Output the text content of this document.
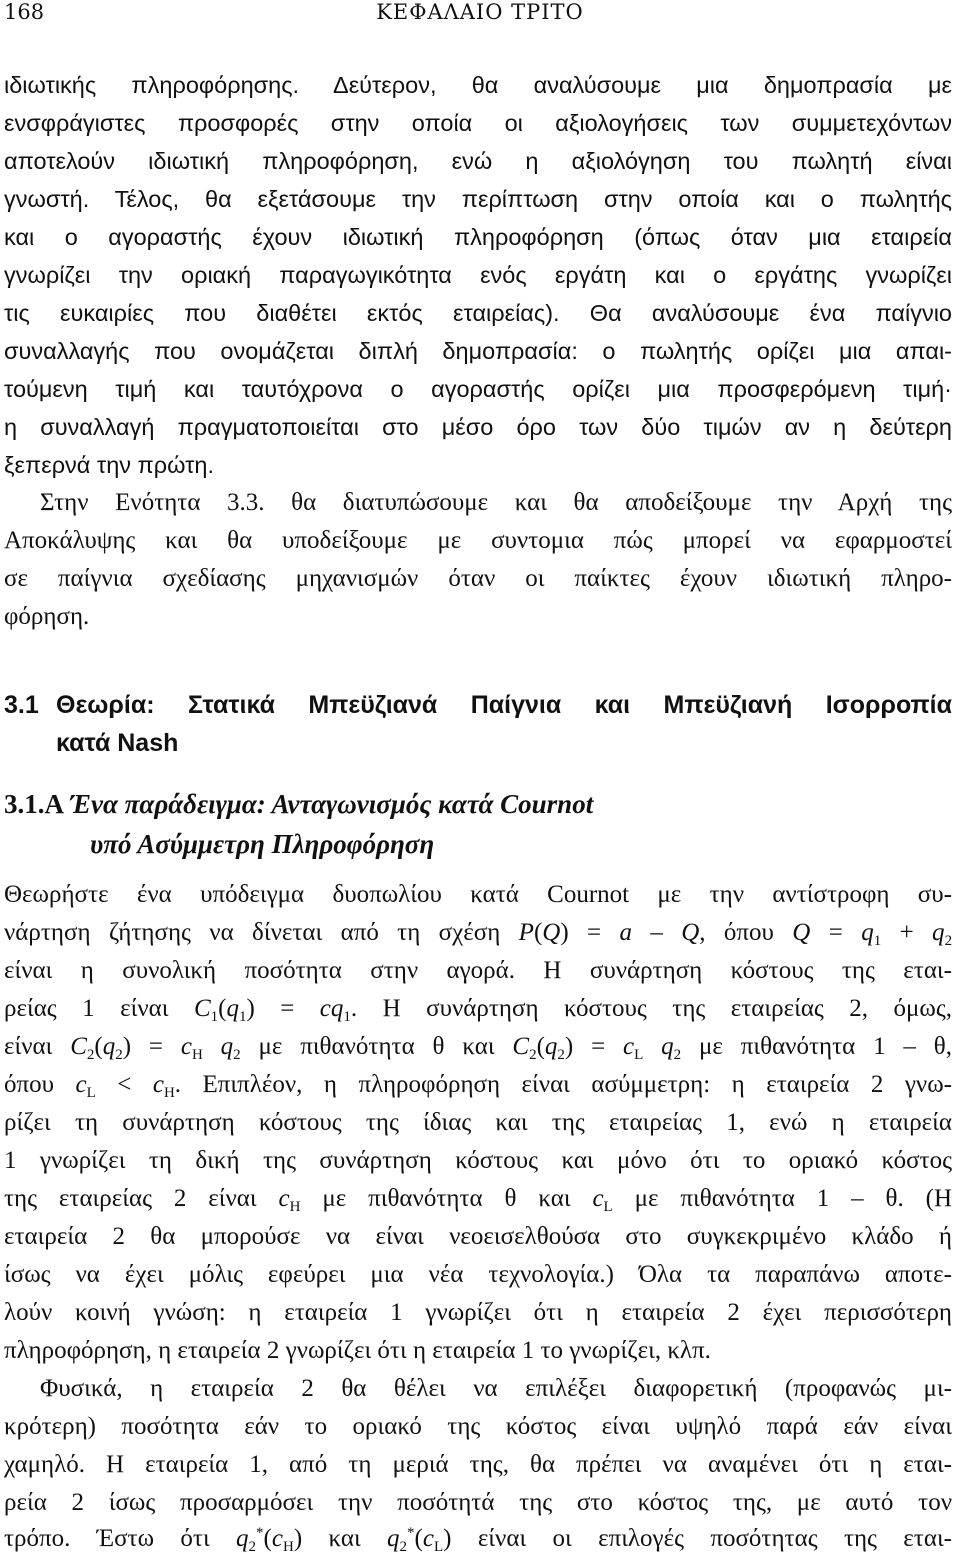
168	ΚΕΦΑΛΑΙΟ ΤΡΙΤΟ
ιδιωτικής πληροφόρησης. Δεύτερον, θα αναλύσουμε μια δημοπρασία με
ενσφράγιστες προσφορές στην οποία οι αξιολογήσεις των συμμετεχόντων
αποτελούν ιδιωτική πληροφόρηση, ενώ η αξιολόγηση του πωλητή είναι
γνωστή. Τέλος, θα εξετάσουμε την περίπτωση στην οποία και ο πωλητής
και ο αγοραστής έχουν ιδιωτική πληροφόρηση (όπως όταν μια εταιρεία
γνωρίζει την οριακή παραγωγικότητα ενός εργάτη και ο εργάτης γνωρίζει
τις ευκαιρίες που διαθέτει εκτός εταιρείας). Θα αναλύσουμε ένα παίγνιο
συναλλαγής που ονομάζεται διπλή δημοπρασία: ο πωλητής ορίζει μια απαι-
τούμενη τιμή και ταυτόχρονα ο αγοραστής ορίζει μια προσφερόμενη τιμή·
η συναλλαγή πραγματοποιείται στο μέσο όρο των δύο τιμών αν η δεύτερη
ξεπερνά την πρώτη.
Στην Ενότητα 3.3. θα διατυπώσουμε και θα αποδείξουμε την Αρχή της
Αποκάλυψης και θα υποδείξουμε με συντομια πώς μπορεί να εφαρμοστεί
σε παίγνια σχεδίασης μηχανισμών όταν οι παίκτες έχουν ιδιωτική πληρο-
φόρηση.
3.1 Θεωρία: Στατικά Μπεϋζιανά Παίγνια και Μπεϋζιανή Ισορροπία
κατά Nash
3.1.Α Ένα παράδειγμα: Ανταγωνισμός κατά Cournot
υπό Ασύμμετρη Πληροφόρηση
Θεωρήστε ένα υπόδειγμα δυοπωλίου κατά Cournot με την αντίστροφη συ-
νάρτηση ζήτησης να δίνεται από τη σχέση P(Q) = a – Q, όπου $Q = q_1 + q_2$
είναι η συνολική ποσότητα στην αγορά. Η συνάρτηση κόστους της εται-
ρείας 1 είναι $C_1(q_1) = cq_1$. Η συνάρτηση κόστους της εταιρείας 2, όμως,
είναι $C_2(q_2) = c_H$ $q_2$ με πιθανότητα θ και $C_2(q_2) = c_L$ $q_2$ με πιθανότητα 1 – θ,
όπου $c_L < c_H$. Επιπλέον, η πληροφόρηση είναι ασύμμετρη: η εταιρεία 2 γνω-
ρίζει τη συνάρτηση κόστους της ίδιας και της εταιρείας 1, ενώ η εταιρεία
1 γνωρίζει τη δική της συνάρτηση κόστους και μόνο ότι το οριακό κόστος
της εταιρείας 2 είναι $c_H$ με πιθανότητα θ και $c_L$ με πιθανότητα 1 – θ. (Η
εταιρεία 2 θα μπορούσε να είναι νεοεισελθούσα στο συγκεκριμένο κλάδο ή
ίσως να έχει μόλις εφεύρει μια νέα τεχνολογία.) Όλα τα παραπάνω αποτε-
λούν κοινή γνώση: η εταιρεία 1 γνωρίζει ότι η εταιρεία 2 έχει περισσότερη
πληροφόρηση, η εταιρεία 2 γνωρίζει ότι η εταιρεία 1 το γνωρίζει, κλπ.
Φυσικά, η εταιρεία 2 θα θέλει να επιλέξει διαφορετική (προφανώς μι-
κρότερη) ποσότητα εάν το οριακό της κόστος είναι υψηλό παρά εάν είναι
χαμηλό. Η εταιρεία 1, από τη μεριά της, θα πρέπει να αναμένει ότι η εται-
ρεία 2 ίσως προσαρμόσει την ποσότητά της στο κόστος της, με αυτό τον
τρόπο. Έστω ότι $q_2^*(c_H)$ και $q_2^*(c_L)$ είναι οι επιλογές ποσότητας της εται-
